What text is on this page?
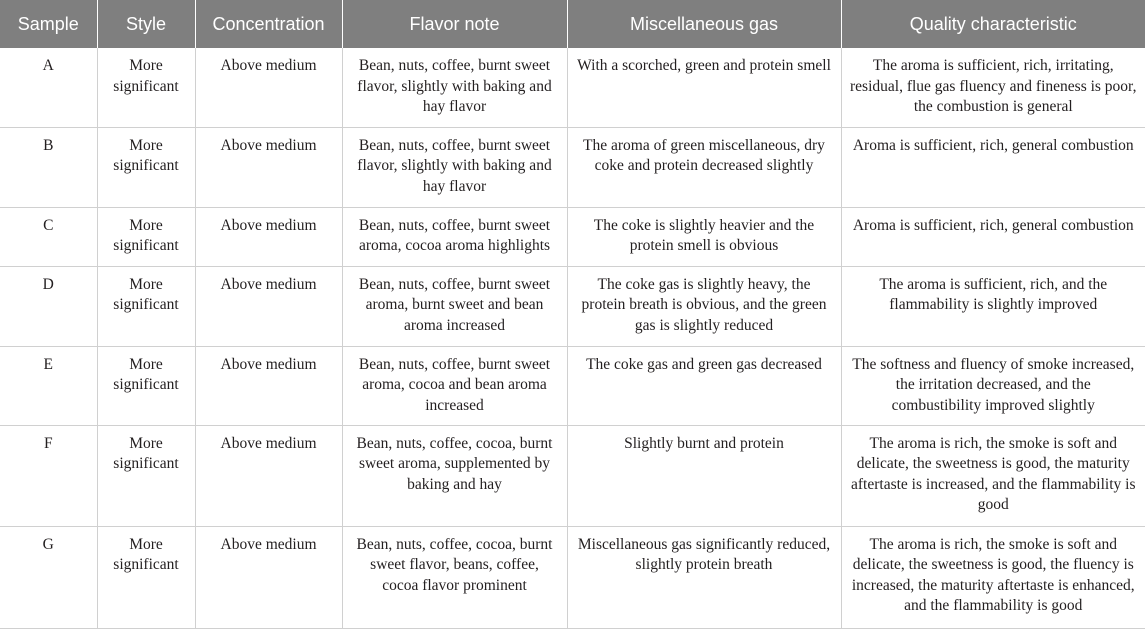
Sample	Style	Concentration	Flavor note	Miscellaneous gas	Quality characteristic
A	More significant	Above medium	Bean, nuts, coffee, burnt sweet flavor, slightly with baking and hay flavor	With a scorched, green and protein smell	The aroma is sufficient, rich, irritating, residual, flue gas fluency and fineness is poor, the combustion is general
B	More significant	Above medium	Bean, nuts, coffee, burnt sweet flavor, slightly with baking and hay flavor	The aroma of green miscellaneous, dry coke and protein decreased slightly	Aroma is sufficient, rich, general combustion
C	More significant	Above medium	Bean, nuts, coffee, burnt sweet aroma, cocoa aroma highlights	The coke is slightly heavier and the protein smell is obvious	Aroma is sufficient, rich, general combustion
D	More significant	Above medium	Bean, nuts, coffee, burnt sweet aroma, burnt sweet and bean aroma increased	The coke gas is slightly heavy, the protein breath is obvious, and the green gas is slightly reduced	The aroma is sufficient, rich, and the flammability is slightly improved
E	More significant	Above medium	Bean, nuts, coffee, burnt sweet aroma, cocoa and bean aroma increased	The coke gas and green gas decreased	The softness and fluency of smoke increased, the irritation decreased, and the combustibility improved slightly
F	More significant	Above medium	Bean, nuts, coffee, cocoa, burnt sweet aroma, supplemented by baking and hay	Slightly burnt and protein	The aroma is rich, the smoke is soft and delicate, the sweetness is good, the maturity aftertaste is increased, and the flammability is good
G	More significant	Above medium	Bean, nuts, coffee, cocoa, burnt sweet flavor, beans, coffee, cocoa flavor prominent	Miscellaneous gas significantly reduced, slightly protein breath	The aroma is rich, the smoke is soft and delicate, the sweetness is good, the fluency is increased, the maturity aftertaste is enhanced, and the flammability is good
